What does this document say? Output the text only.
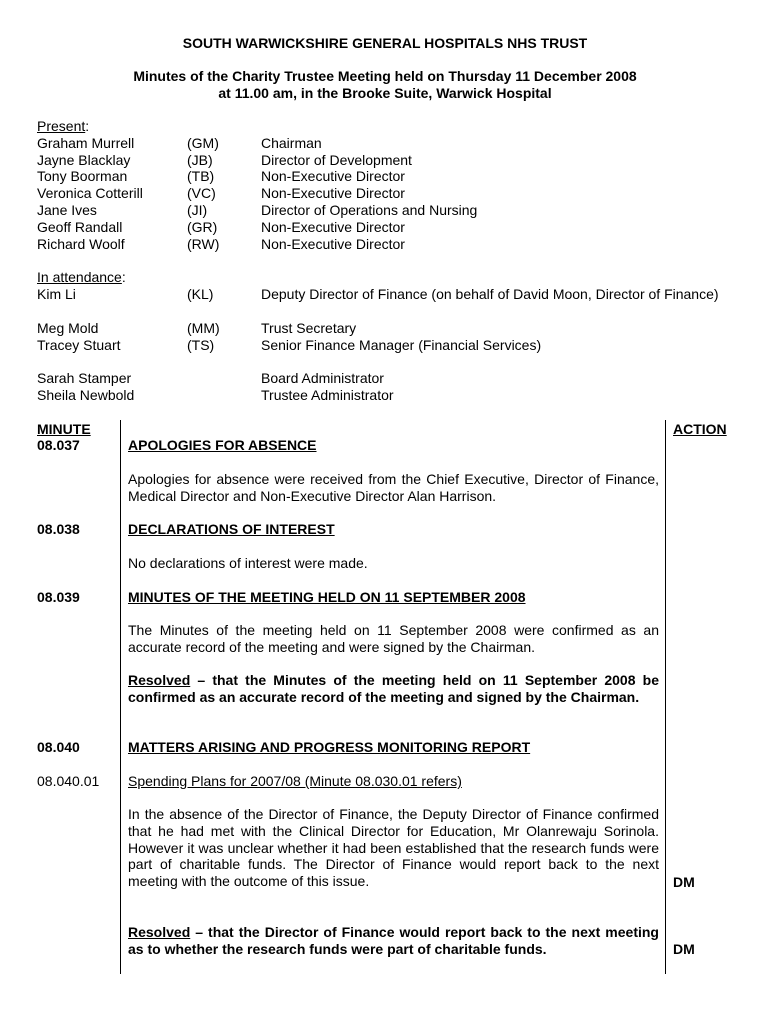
SOUTH WARWICKSHIRE GENERAL HOSPITALS NHS TRUST
Minutes of the Charity Trustee Meeting held on Thursday 11 December 2008
at 11.00 am, in the Brooke Suite, Warwick Hospital
Present:
Graham Murrell	(GM)	Chairman
Jayne Blacklay	(JB)	Director of Development
Tony Boorman	(TB)	Non-Executive Director
Veronica Cotterill	(VC)	Non-Executive Director
Jane Ives	(JI)	Director of Operations and Nursing
Geoff Randall	(GR)	Non-Executive Director
Richard Woolf	(RW)	Non-Executive Director
In attendance:
Kim Li	(KL)	Deputy Director of Finance (on behalf of David Moon, Director of Finance)
Meg Mold	(MM)	Trust Secretary
Tracey Stuart	(TS)	Senior Finance Manager (Financial Services)
Sarah Stamper	Board Administrator
Sheila Newbold	Trustee Administrator
MINUTE	ACTION
08.037	APOLOGIES FOR ABSENCE
Apologies for absence were received from the Chief Executive, Director of Finance, Medical Director and Non-Executive Director Alan Harrison.
08.038	DECLARATIONS OF INTEREST
No declarations of interest were made.
08.039	MINUTES OF THE MEETING HELD ON 11 SEPTEMBER 2008
The Minutes of the meeting held on 11 September 2008 were confirmed as an accurate record of the meeting and were signed by the Chairman.
Resolved – that the Minutes of the meeting held on 11 September 2008 be confirmed as an accurate record of the meeting and signed by the Chairman.
08.040	MATTERS ARISING AND PROGRESS MONITORING REPORT
08.040.01 Spending Plans for 2007/08 (Minute 08.030.01 refers)
In the absence of the Director of Finance, the Deputy Director of Finance confirmed that he had met with the Clinical Director for Education, Mr Olanrewaju Sorinola. However it was unclear whether it had been established that the research funds were part of charitable funds. The Director of Finance would report back to the next meeting with the outcome of this issue.	DM
Resolved – that the Director of Finance would report back to the next meeting as to whether the research funds were part of charitable funds.	DM
